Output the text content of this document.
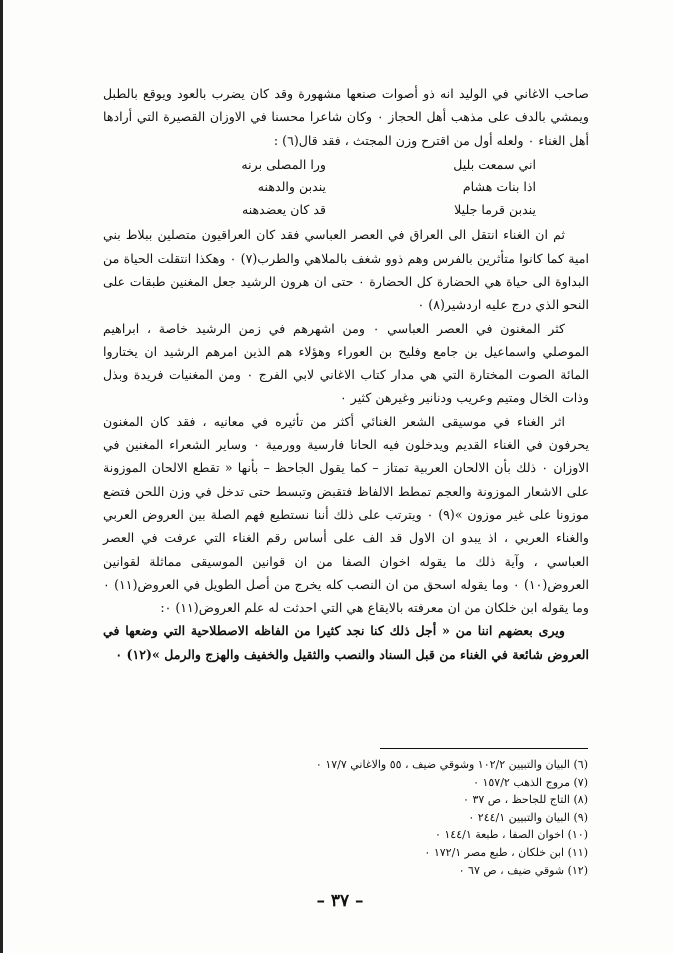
صاحب الاغاني في الوليد انه ذو أصوات صنعها مشهورة وقد كان يضرب بالعود ويوقع بالطبل ويمشي بالدف على مذهب أهل الحجاز ٠ وكان شاعرا محسنا في الاوزان القصيرة التي أرادها أهل الغناء ٠ ولعله أول من اقترح وزن المجتث ، فقد قال(٦) :

اني سمعت بليل
ورا المصلى برنه
اذا بنات هشام
يندبن والدهنه
يندبن قرما جليلا
قد كان يعضدهنه

ثم ان الغناء انتقل الى العراق في العصر العباسي فقد كان العراقيون متصلين ببلاط بني امية كما كانوا متأثرين بالفرس وهم ذوو شغف بالملاهي والطرب(٧) ٠ وهكذا انتقلت الحياة من البداوة الى حياة هي الحضارة كل الحضارة ٠ حتى ان هرون الرشيد جعل المغنين طبقات على النحو الذي درج عليه اردشير(٨) ٠

كثر المغنون في العصر العباسي ٠ ومن اشهرهم في زمن الرشيد خاصة ، ابراهيم الموصلي واسماعيل بن جامع وفليح بن العوراء وهؤلاء هم الذين امرهم الرشيد ان يختاروا المائة الصوت المختارة التي هي مدار كتاب الاغاني لابي الفرج ٠ ومن المغنيات فريدة وبذل وذات الخال ومتيم وعريب ودنانير وغيرهن كثير ٠

اثر الغناء في موسيقى الشعر الغنائي أكثر من تأثيره في معانيه ، فقد كان المغنون يحرفون في الغناء القديم ويدخلون فيه الحانا فارسية وورمية ٠ وساير الشعراء المغنين في الاوزان ٠ ذلك بأن الالحان العربية تمتاز – كما يقول الجاحظ – بأنها « تقطع الالحان الموزونة على الاشعار الموزونة والعجم تمطط الالفاظ فتقبض وتبسط حتى تدخل في وزن اللحن فتضع موزونا على غير موزون »(٩) ٠ ويترتب على ذلك أننا نستطيع فهم الصلة بين العروض العربي والغناء العربي ، اذ يبدو ان الاول قد الف على أساس رقم الغناء التي عرفت في العصر العباسي ، وآية ذلك ما يقوله اخوان الصفا من ان قوانين الموسيقى مماثلة لقوانين العروض(١٠) ٠ وما يقوله اسحق من ان النصب كله يخرج من أصل الطويل في العروض(١١) ٠ وما يقوله ابن خلكان من ان معرفته بالايقاع هي التي احدثت له علم العروض(١١) ٠:

ويرى بعضهم اننا من « أجل ذلك كنا نجد كثيرا من الفاظه الاصطلاحية التي وضعها في العروض شائعة في الغناء من قبل السناد والنصب والثقيل والخفيف والهزج والرمل »(١٢) ٠

(٦) البيان والتبيين ١٠٢/٢ وشوقي ضيف ، ٥٥ والاغاني ١٧/٧ ٠
(٧) مروج الذهب ١٥٧/٢ ٠
(٨) التاج للجاحظ ، ص ٣٧ ٠
(٩) البيان والتبيين ٢٤٤/١ ٠
(١٠) اخوان الصفا ، طبعة ١٤٤/١ ٠
(١١) ابن خلكان ، طبع مصر ١٧٢/١ ٠
(١٢) شوقي ضيف ، ص ٦٧ ٠
– ٣٧ –
